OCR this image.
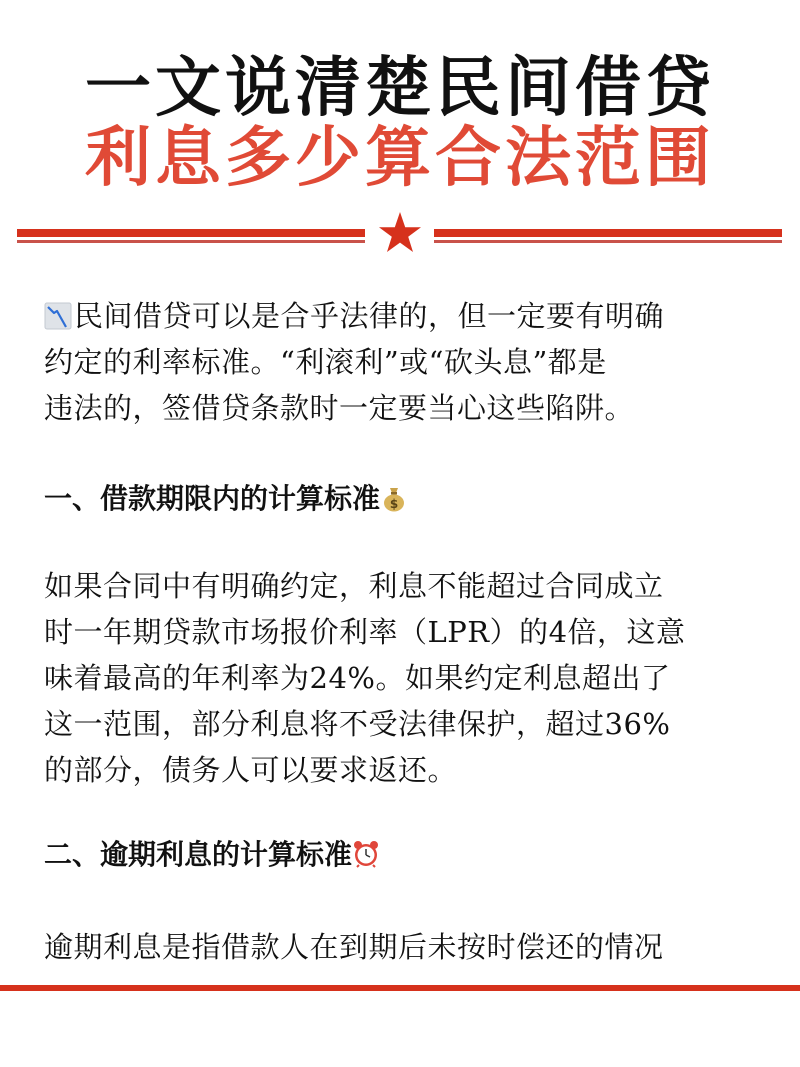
一文说清楚民间借贷
利息多少算合法范围
民间借贷可以是合乎法律的，但一定要有明确
约定的利率标准。“利滚利”或“砍头息”都是
违法的，签借贷条款时一定要当心这些陷阱。
一、借款期限内的计算标准 $
如果合同中有明确约定，利息不能超过合同成立
时一年期贷款市场报价利率（LPR）的4倍，这意
味着最高的年利率为24%。如果约定利息超出了
这一范围，部分利息将不受法律保护，超过36%
的部分，债务人可以要求返还。
二、逾期利息的计算标准
逾期利息是指借款人在到期后未按时偿还的情况
